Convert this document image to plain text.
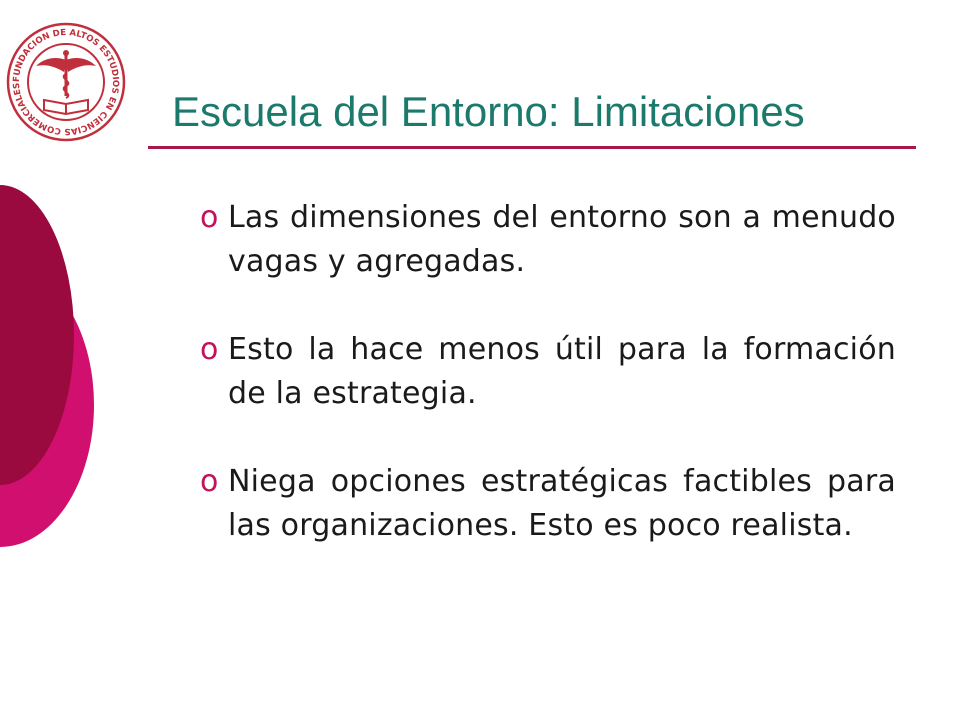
FUNDACION DE ALTOS ESTUDIOS EN CIENCIAS COMERCIALES
Escuela del Entorno: Limitaciones
o Las dimensiones del entorno son a menudo vagas y agregadas.
o Esto la hace menos útil para la formación de la estrategia.
o Niega opciones estratégicas factibles para las organizaciones. Esto es poco realista.
